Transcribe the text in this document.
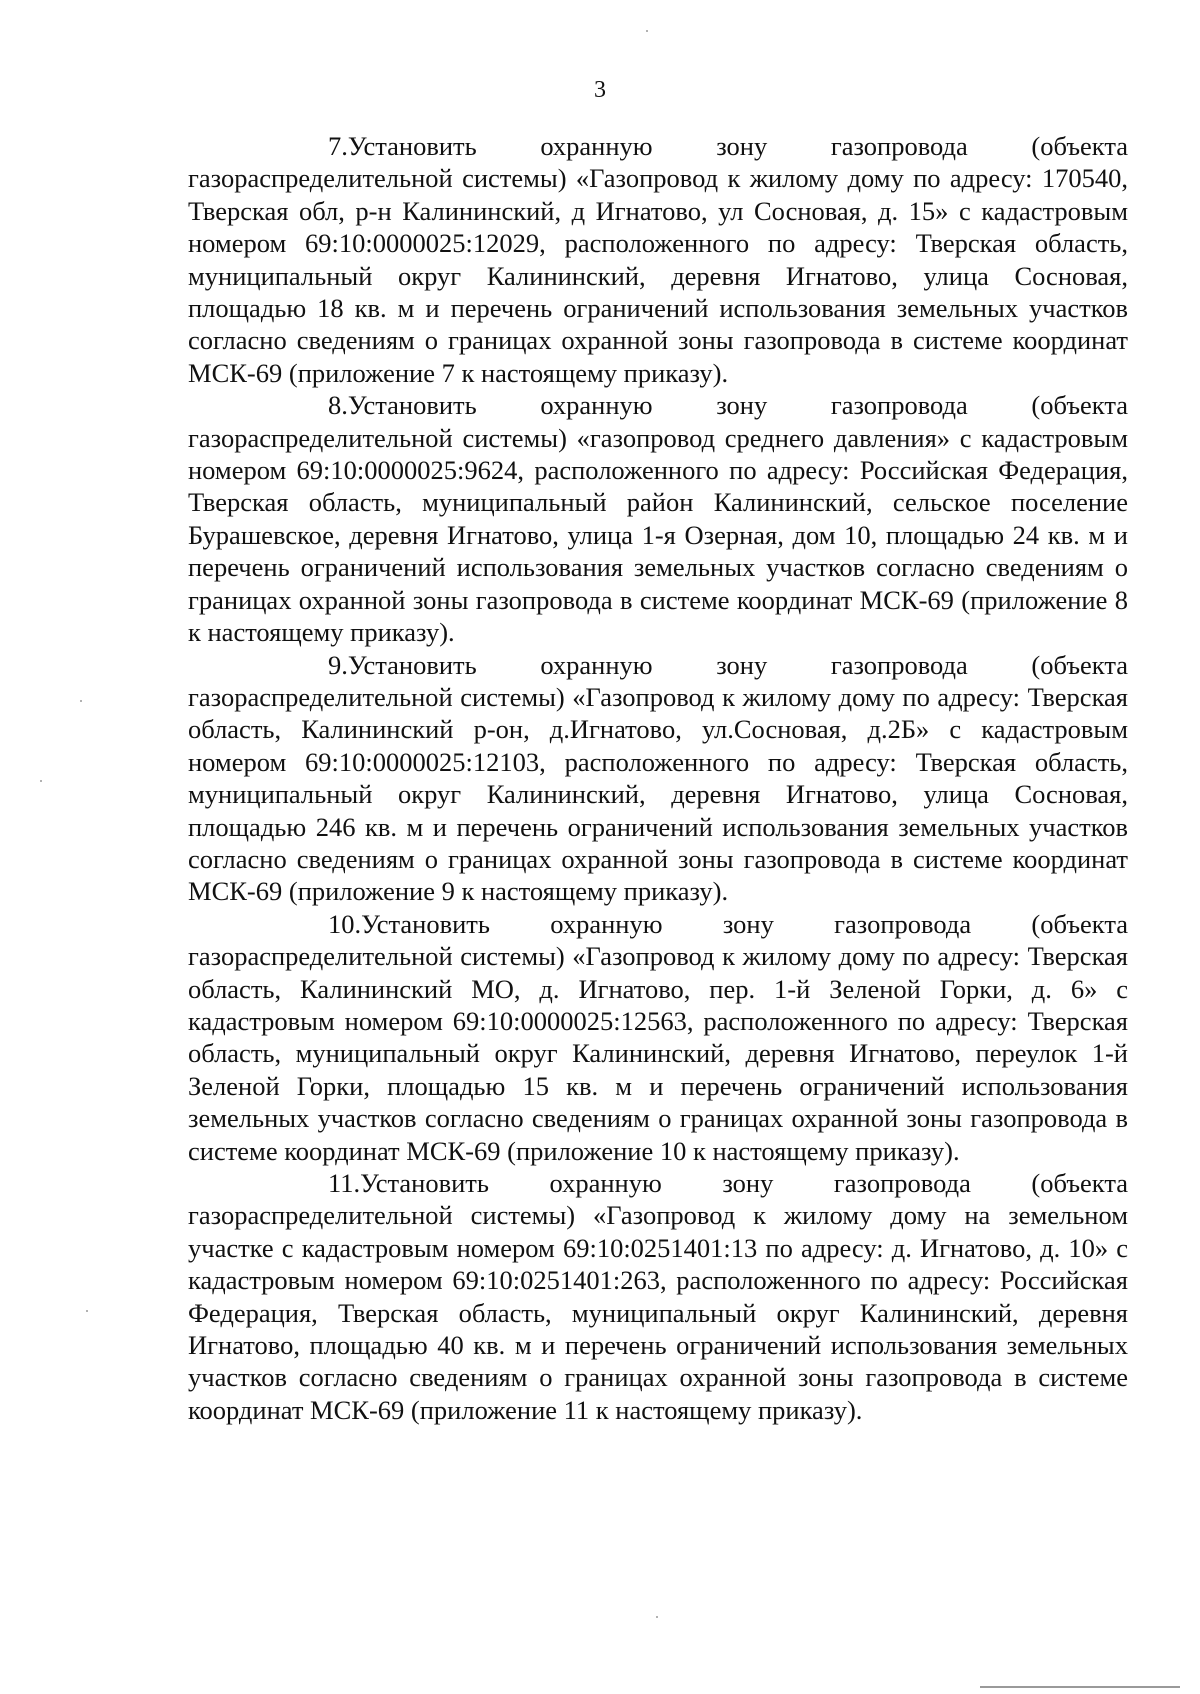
3

7.Установить охранную зону газопровода (объекта газораспределительной системы) «Газопровод к жилому дому по адресу: 170540, Тверская обл, р-н Калининский, д Игнатово, ул Сосновая, д. 15» с кадастровым номером 69:10:0000025:12029, расположенного по адресу: Тверская область, муниципальный округ Калининский, деревня Игнатово, улица Сосновая, площадью 18 кв. м и перечень ограничений использования земельных участков согласно сведениям о границах охранной зоны газопровода в системе координат МСК-69 (приложение 7 к настоящему приказу).

8.Установить охранную зону газопровода (объекта газораспределительной системы) «газопровод среднего давления» с кадастровым номером 69:10:0000025:9624, расположенного по адресу: Российская Федерация, Тверская область, муниципальный район Калининский, сельское поселение Бурашевское, деревня Игнатово, улица 1-я Озерная, дом 10, площадью 24 кв. м и перечень ограничений использования земельных участков согласно сведениям о границах охранной зоны газопровода в системе координат МСК-69 (приложение 8 к настоящему приказу).

9.Установить охранную зону газопровода (объекта газораспределительной системы) «Газопровод к жилому дому по адресу: Тверская область, Калининский р-он, д.Игнатово, ул.Сосновая, д.2Б» с кадастровым номером 69:10:0000025:12103, расположенного по адресу: Тверская область, муниципальный округ Калининский, деревня Игнатово, улица Сосновая, площадью 246 кв. м и перечень ограничений использования земельных участков согласно сведениям о границах охранной зоны газопровода в системе координат МСК-69 (приложение 9 к настоящему приказу).

10.Установить охранную зону газопровода (объекта газораспределительной системы) «Газопровод к жилому дому по адресу: Тверская область, Калининский МО, д. Игнатово, пер. 1-й Зеленой Горки, д. 6» с кадастровым номером 69:10:0000025:12563, расположенного по адресу: Тверская область, муниципальный округ Калининский, деревня Игнатово, переулок 1-й Зеленой Горки, площадью 15 кв. м и перечень ограничений использования земельных участков согласно сведениям о границах охранной зоны газопровода в системе координат МСК-69 (приложение 10 к настоящему приказу).

11.Установить охранную зону газопровода (объекта газораспределительной системы) «Газопровод к жилому дому на земельном участке с кадастровым номером 69:10:0251401:13 по адресу: д. Игнатово, д. 10» с кадастровым номером 69:10:0251401:263, расположенного по адресу: Российская Федерация, Тверская область, муниципальный округ Калининский, деревня Игнатово, площадью 40 кв. м и перечень ограничений использования земельных участков согласно сведениям о границах охранной зоны газопровода в системе координат МСК-69 (приложение 11 к настоящему приказу).
